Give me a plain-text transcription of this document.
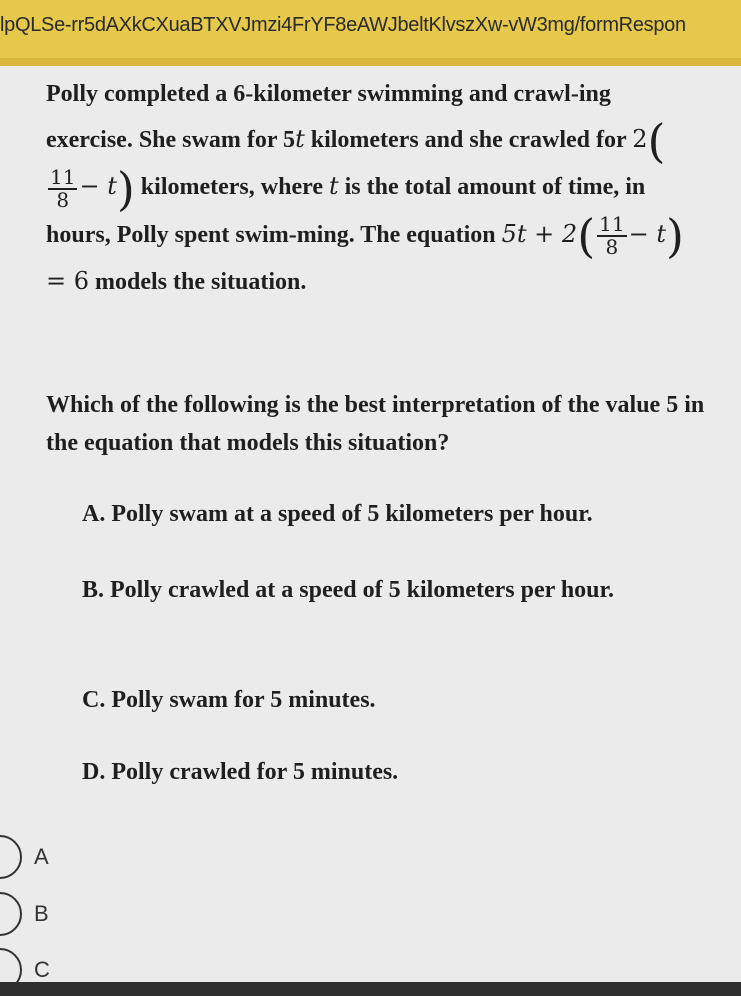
lpQLSe-rr5dAXkCXuaBTXVJmzi4FrYF8eAWJbeltKlvszXw-vW3mg/formRespon

Polly completed a 6-kilometer swimming and crawl-ing exercise. She swam for 5t kilometers and she crawled for 2(
$\frac{11}{8} - t$) kilometers, where t is the total amount of time, in hours, Polly spent swim-ming. The equation $5t + 2( \frac{11}{8} - t) = 6$ models the situation.

Which of the following is the best interpretation of the value 5 in the equation that models this situation?
A. Polly swam at a speed of 5 kilometers per hour.
B. Polly crawled at a speed of 5 kilometers per hour.
C. Polly swam for 5 minutes.
D. Polly crawled for 5 minutes.
A
B
C
